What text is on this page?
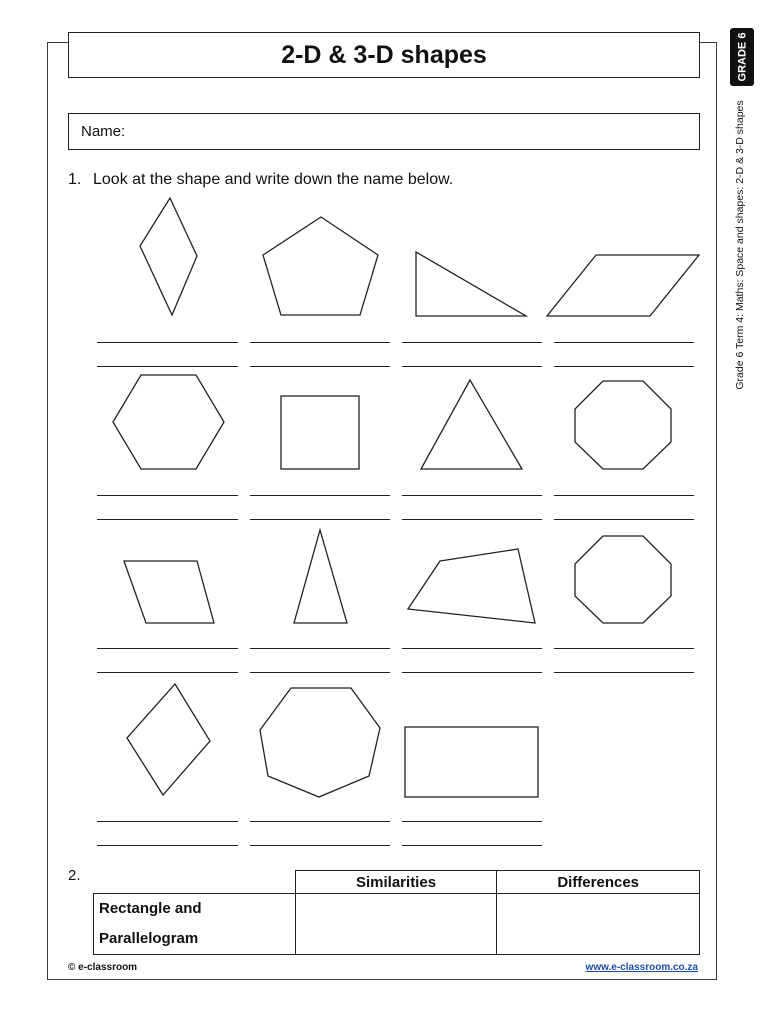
2-D & 3-D shapes	GRADE 6
Grade 6 Term 4: Maths: Space and shapes: 2-D & 3-D shapes
Name:
1. Look at the shape and write down the name below.
2.
		Similarities	Differences

Rectangle and
Parallelogram		

© e-classroom	www.e-classroom.co.za
